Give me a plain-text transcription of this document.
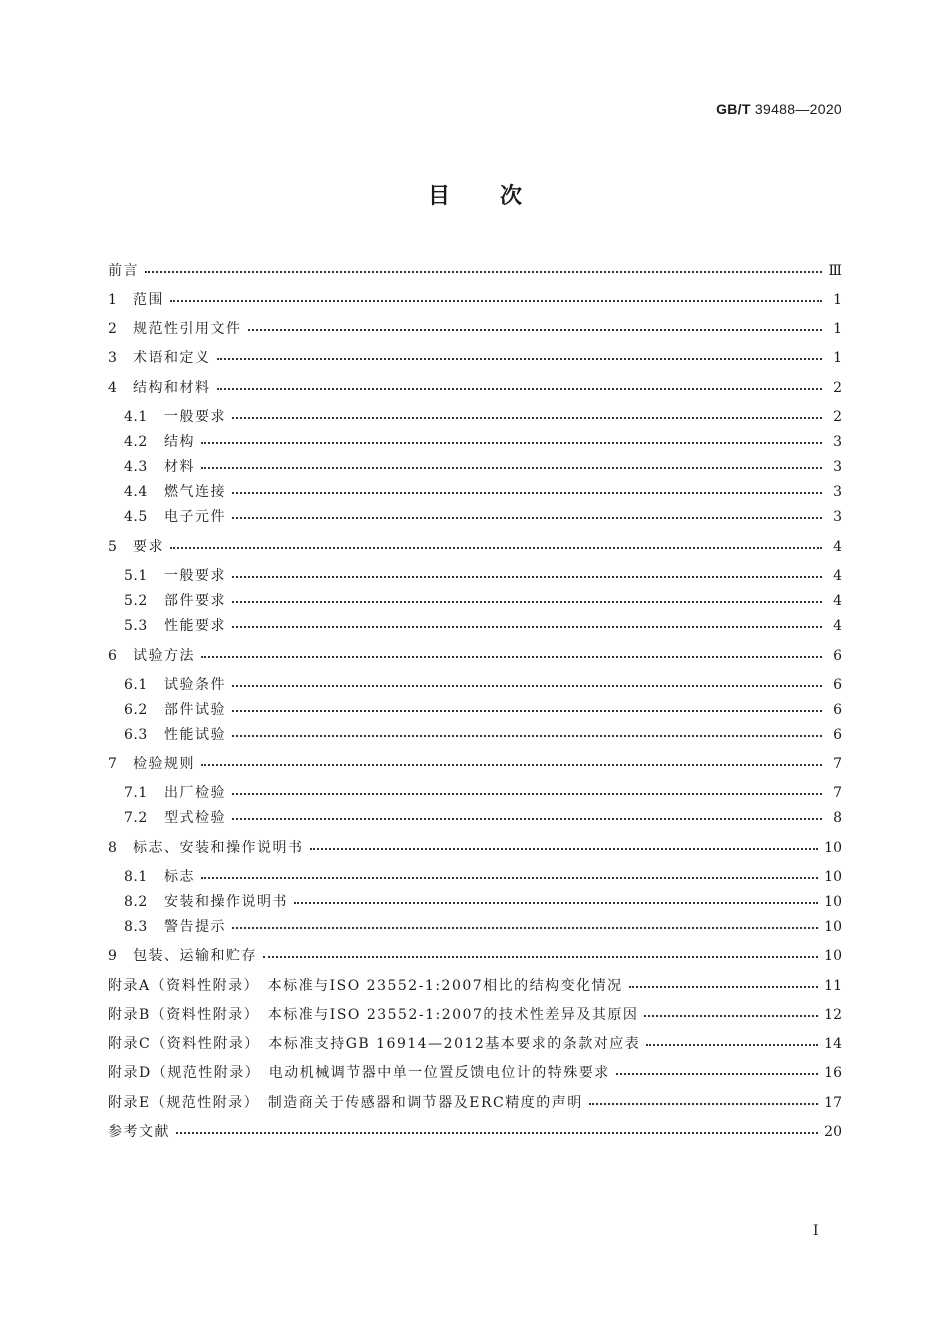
GB/T 39488—2020
目次
前言	Ⅲ
1	范围	1
2	规范性引用文件	1
3	术语和定义	1
4	结构和材料	2
4.1	一般要求	2
4.2	结构	3
4.3	材料	3
4.4	燃气连接	3
4.5	电子元件	3
5	要求	4
5.1	一般要求	4
5.2	部件要求	4
5.3	性能要求	4
6	试验方法	6
6.1	试验条件	6
6.2	部件试验	6
6.3	性能试验	6
7	检验规则	7
7.1	出厂检验	7
7.2	型式检验	8
8	标志、安装和操作说明书	10
8.1	标志	10
8.2	安装和操作说明书	10
8.3	警告提示	10
9	包装、运输和贮存	10
附录A（资料性附录）　本标准与ISO 23552-1:2007相比的结构变化情况	11
附录B（资料性附录）　本标准与ISO 23552-1:2007的技术性差异及其原因	12
附录C（资料性附录）　本标准支持GB 16914—2012基本要求的条款对应表	14
附录D（规范性附录）　电动机械调节器中单一位置反馈电位计的特殊要求	16
附录E（规范性附录）　制造商关于传感器和调节器及ERC精度的声明	17
参考文献	20
Ⅰ
